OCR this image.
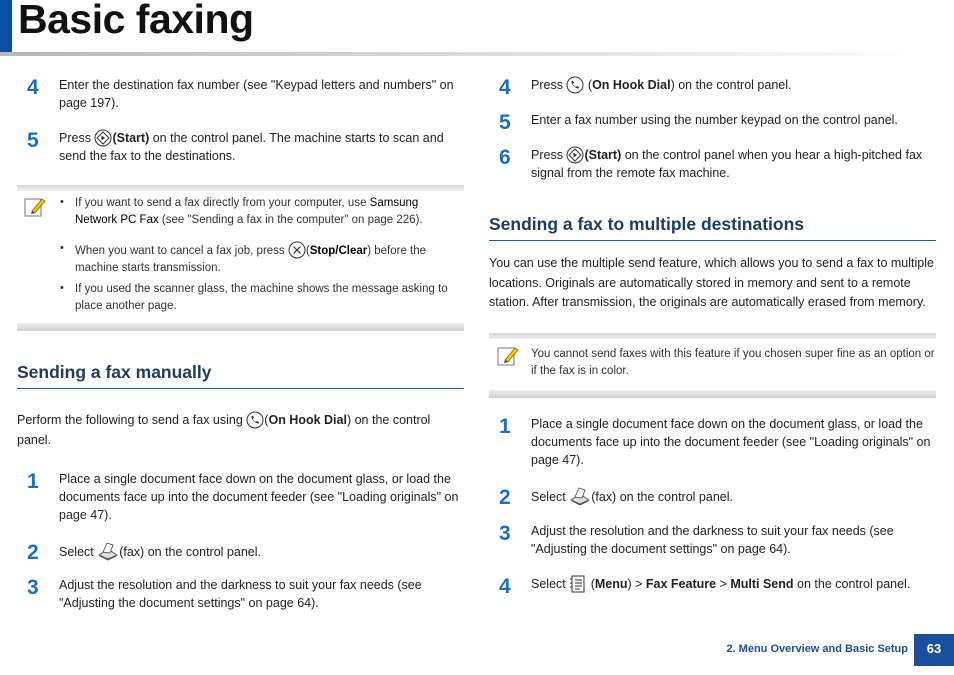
Basic faxing
4	Enter the destination fax number (see "Keypad letters and numbers" on page 197).
5	Press (Start) on the control panel. The machine starts to scan and send the fax to the destinations.
• If you want to send a fax directly from your computer, use Samsung Network PC Fax (see "Sending a fax in the computer" on page 226).
• When you want to cancel a fax job, press (Stop/Clear) before the machine starts transmission.
• If you used the scanner glass, the machine shows the message asking to place another page.
Sending a fax manually
Perform the following to send a fax using (On Hook Dial) on the control panel.
1	Place a single document face down on the document glass, or load the documents face up into the document feeder (see "Loading originals" on page 47).
2	Select (fax) on the control panel.
3	Adjust the resolution and the darkness to suit your fax needs (see "Adjusting the document settings" on page 64).
4	Press  (On Hook Dial) on the control panel.
5	Enter a fax number using the number keypad on the control panel.
6	Press (Start) on the control panel when you hear a high-pitched fax signal from the remote fax machine.
Sending a fax to multiple destinations
You can use the multiple send feature, which allows you to send a fax to multiple locations. Originals are automatically stored in memory and sent to a remote station. After transmission, the originals are automatically erased from memory.
You cannot send faxes with this feature if you chosen super fine as an option or if the fax is in color.
1	Place a single document face down on the document glass, or load the documents face up into the document feeder (see "Loading originals" on page 47).
2	Select (fax) on the control panel.
3	Adjust the resolution and the darkness to suit your fax needs (see "Adjusting the document settings" on page 64).
4	Select  (Menu) > Fax Feature > Multi Send on the control panel.
2. Menu Overview and Basic Setup	63
